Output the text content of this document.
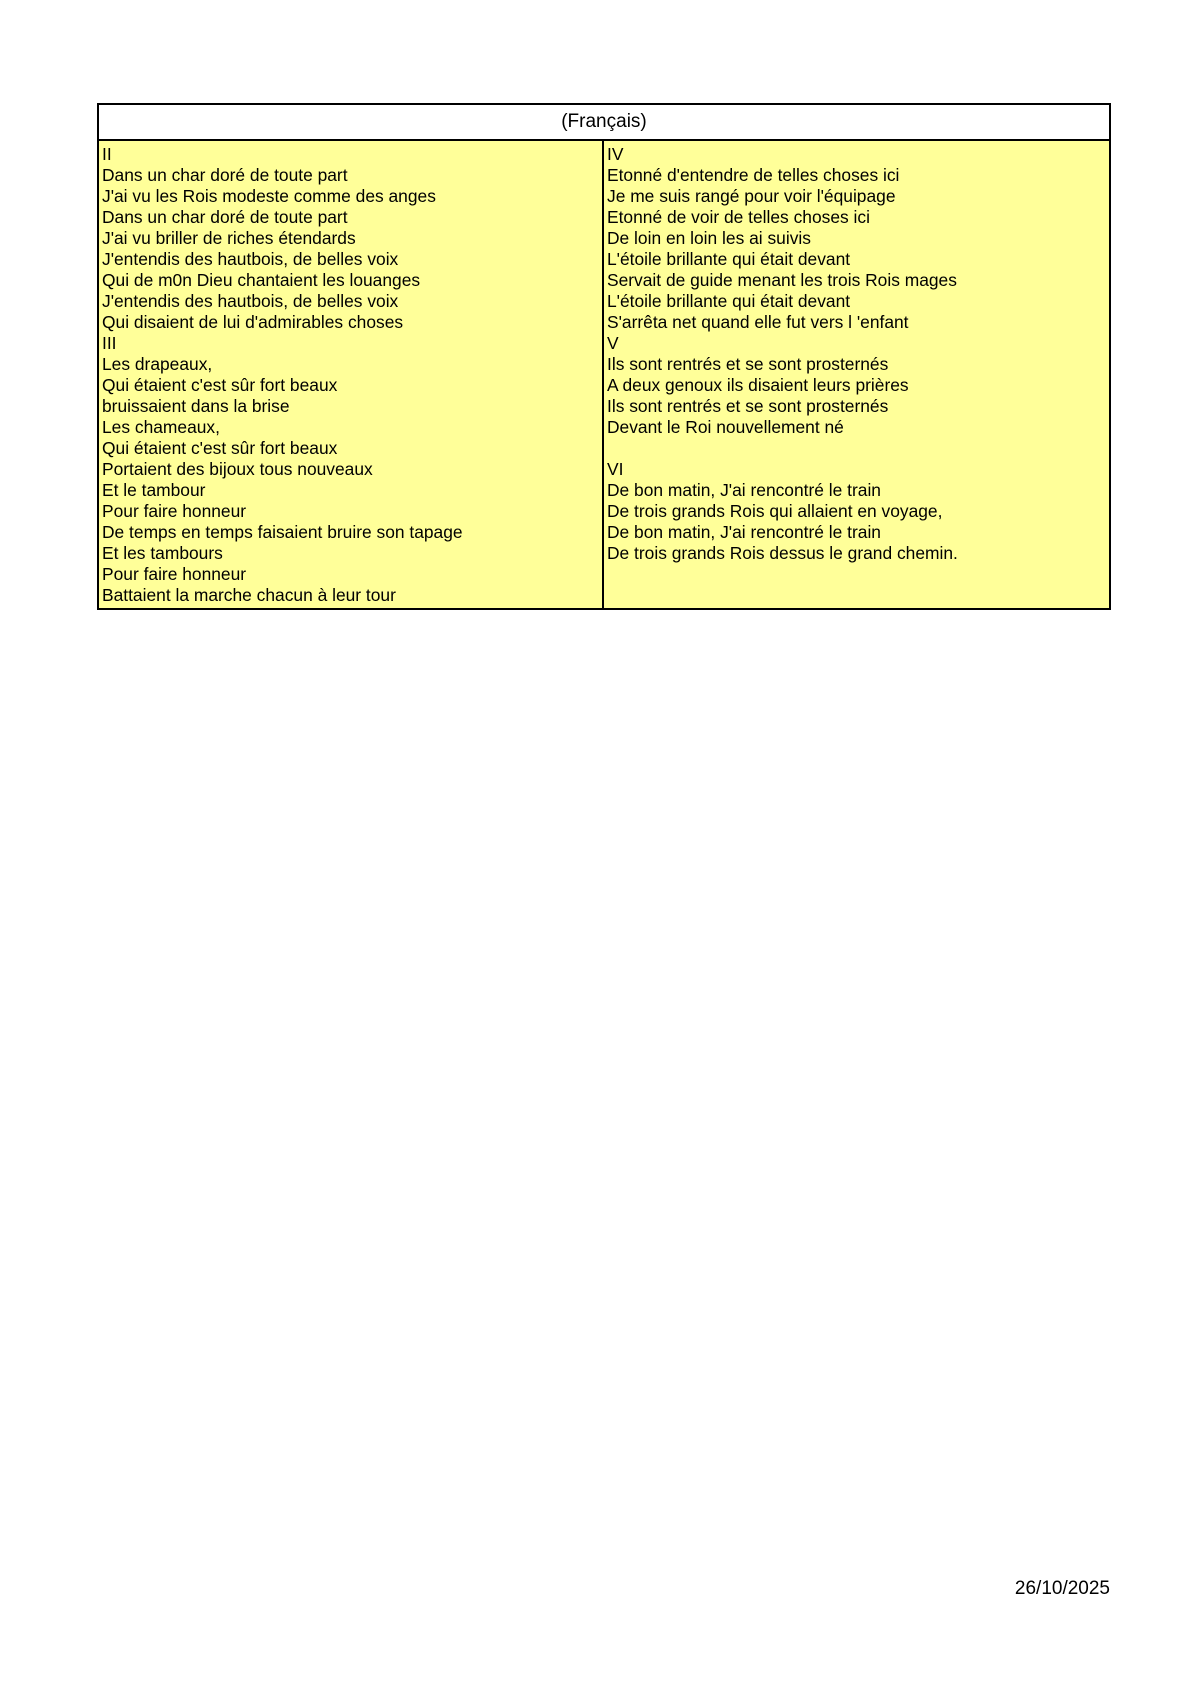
(Français)
II
Dans un char doré de toute part
J'ai vu les Rois modeste comme des anges
Dans un char doré de toute part
J'ai vu briller de riches étendards
J'entendis des hautbois, de belles voix
Qui de m0n Dieu chantaient les louanges
J'entendis des hautbois, de belles voix
Qui disaient de lui d'admirables choses
III
Les drapeaux,
Qui étaient c'est sûr fort beaux
bruissaient dans la brise
Les chameaux,
Qui étaient c'est sûr fort beaux
Portaient des bijoux tous nouveaux
Et le tambour
Pour faire honneur
De temps en temps faisaient bruire son tapage
Et les tambours
Pour faire honneur
Battaient la marche chacun à leur tour
IV
Etonné d'entendre de telles choses ici
Je me suis rangé pour voir l'équipage
Etonné de voir de telles choses ici
De loin en loin les ai suivis
L'étoile brillante qui était devant
Servait de guide menant les trois Rois mages
L'étoile brillante qui était devant
S'arrêta net quand elle fut vers l 'enfant
V
Ils sont rentrés et se sont prosternés
A deux genoux ils disaient leurs prières
Ils sont rentrés et se sont prosternés
Devant le Roi nouvellement né
VI
De bon matin, J'ai rencontré le train
De trois grands Rois qui allaient en voyage,
De bon matin, J'ai rencontré le train
De trois grands Rois dessus le grand chemin.
26/10/2025
